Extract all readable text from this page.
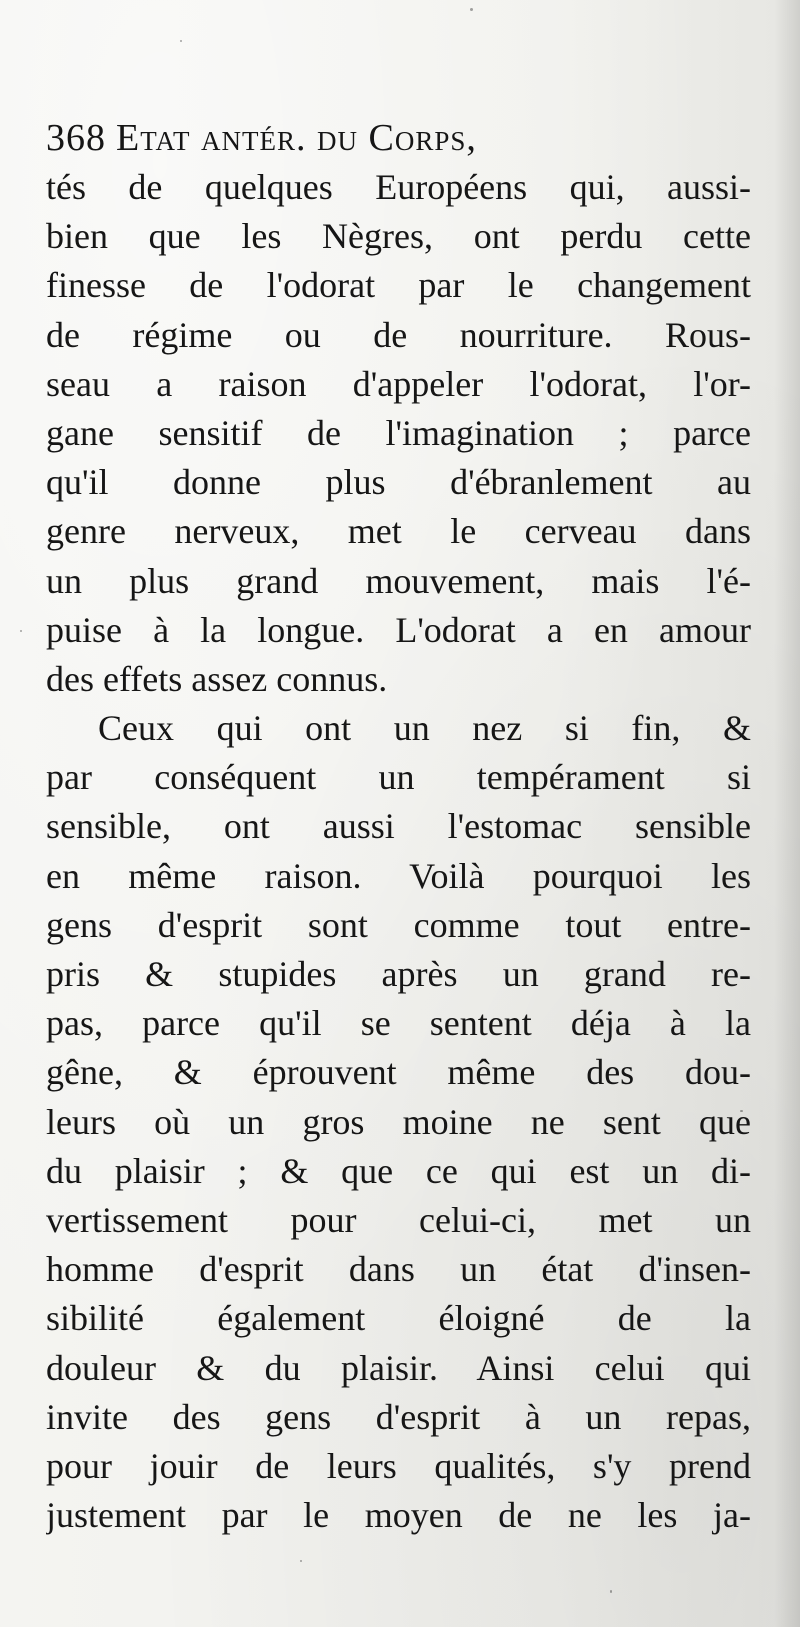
368 Etat antér. du Corps,
tés de quelques Européens qui, aussi-
bien que les Nègres, ont perdu cette
finesse de l'odorat par le changement
de régime ou de nourriture. Rous-
seau a raison d'appeler l'odorat, l'or-
gane sensitif de l'imagination ; parce
qu'il donne plus d'ébranlement au
genre nerveux, met le cerveau dans
un plus grand mouvement, mais l'é-
puise à la longue. L'odorat a en amour
des effets assez connus.
Ceux qui ont un nez si fin, &
par conséquent un tempérament si
sensible, ont aussi l'estomac sensible
en même raison. Voilà pourquoi les
gens d'esprit sont comme tout entre-
pris & stupides après un grand re-
pas, parce qu'il se sentent déja à la
gêne, & éprouvent même des dou-
leurs où un gros moine ne sent que
du plaisir ; & que ce qui est un di-
vertissement pour celui-ci, met un
homme d'esprit dans un état d'insen-
sibilité également éloigné de la
douleur & du plaisir. Ainsi celui qui
invite des gens d'esprit à un repas,
pour jouir de leurs qualités, s'y prend
justement par le moyen de ne les ja-
